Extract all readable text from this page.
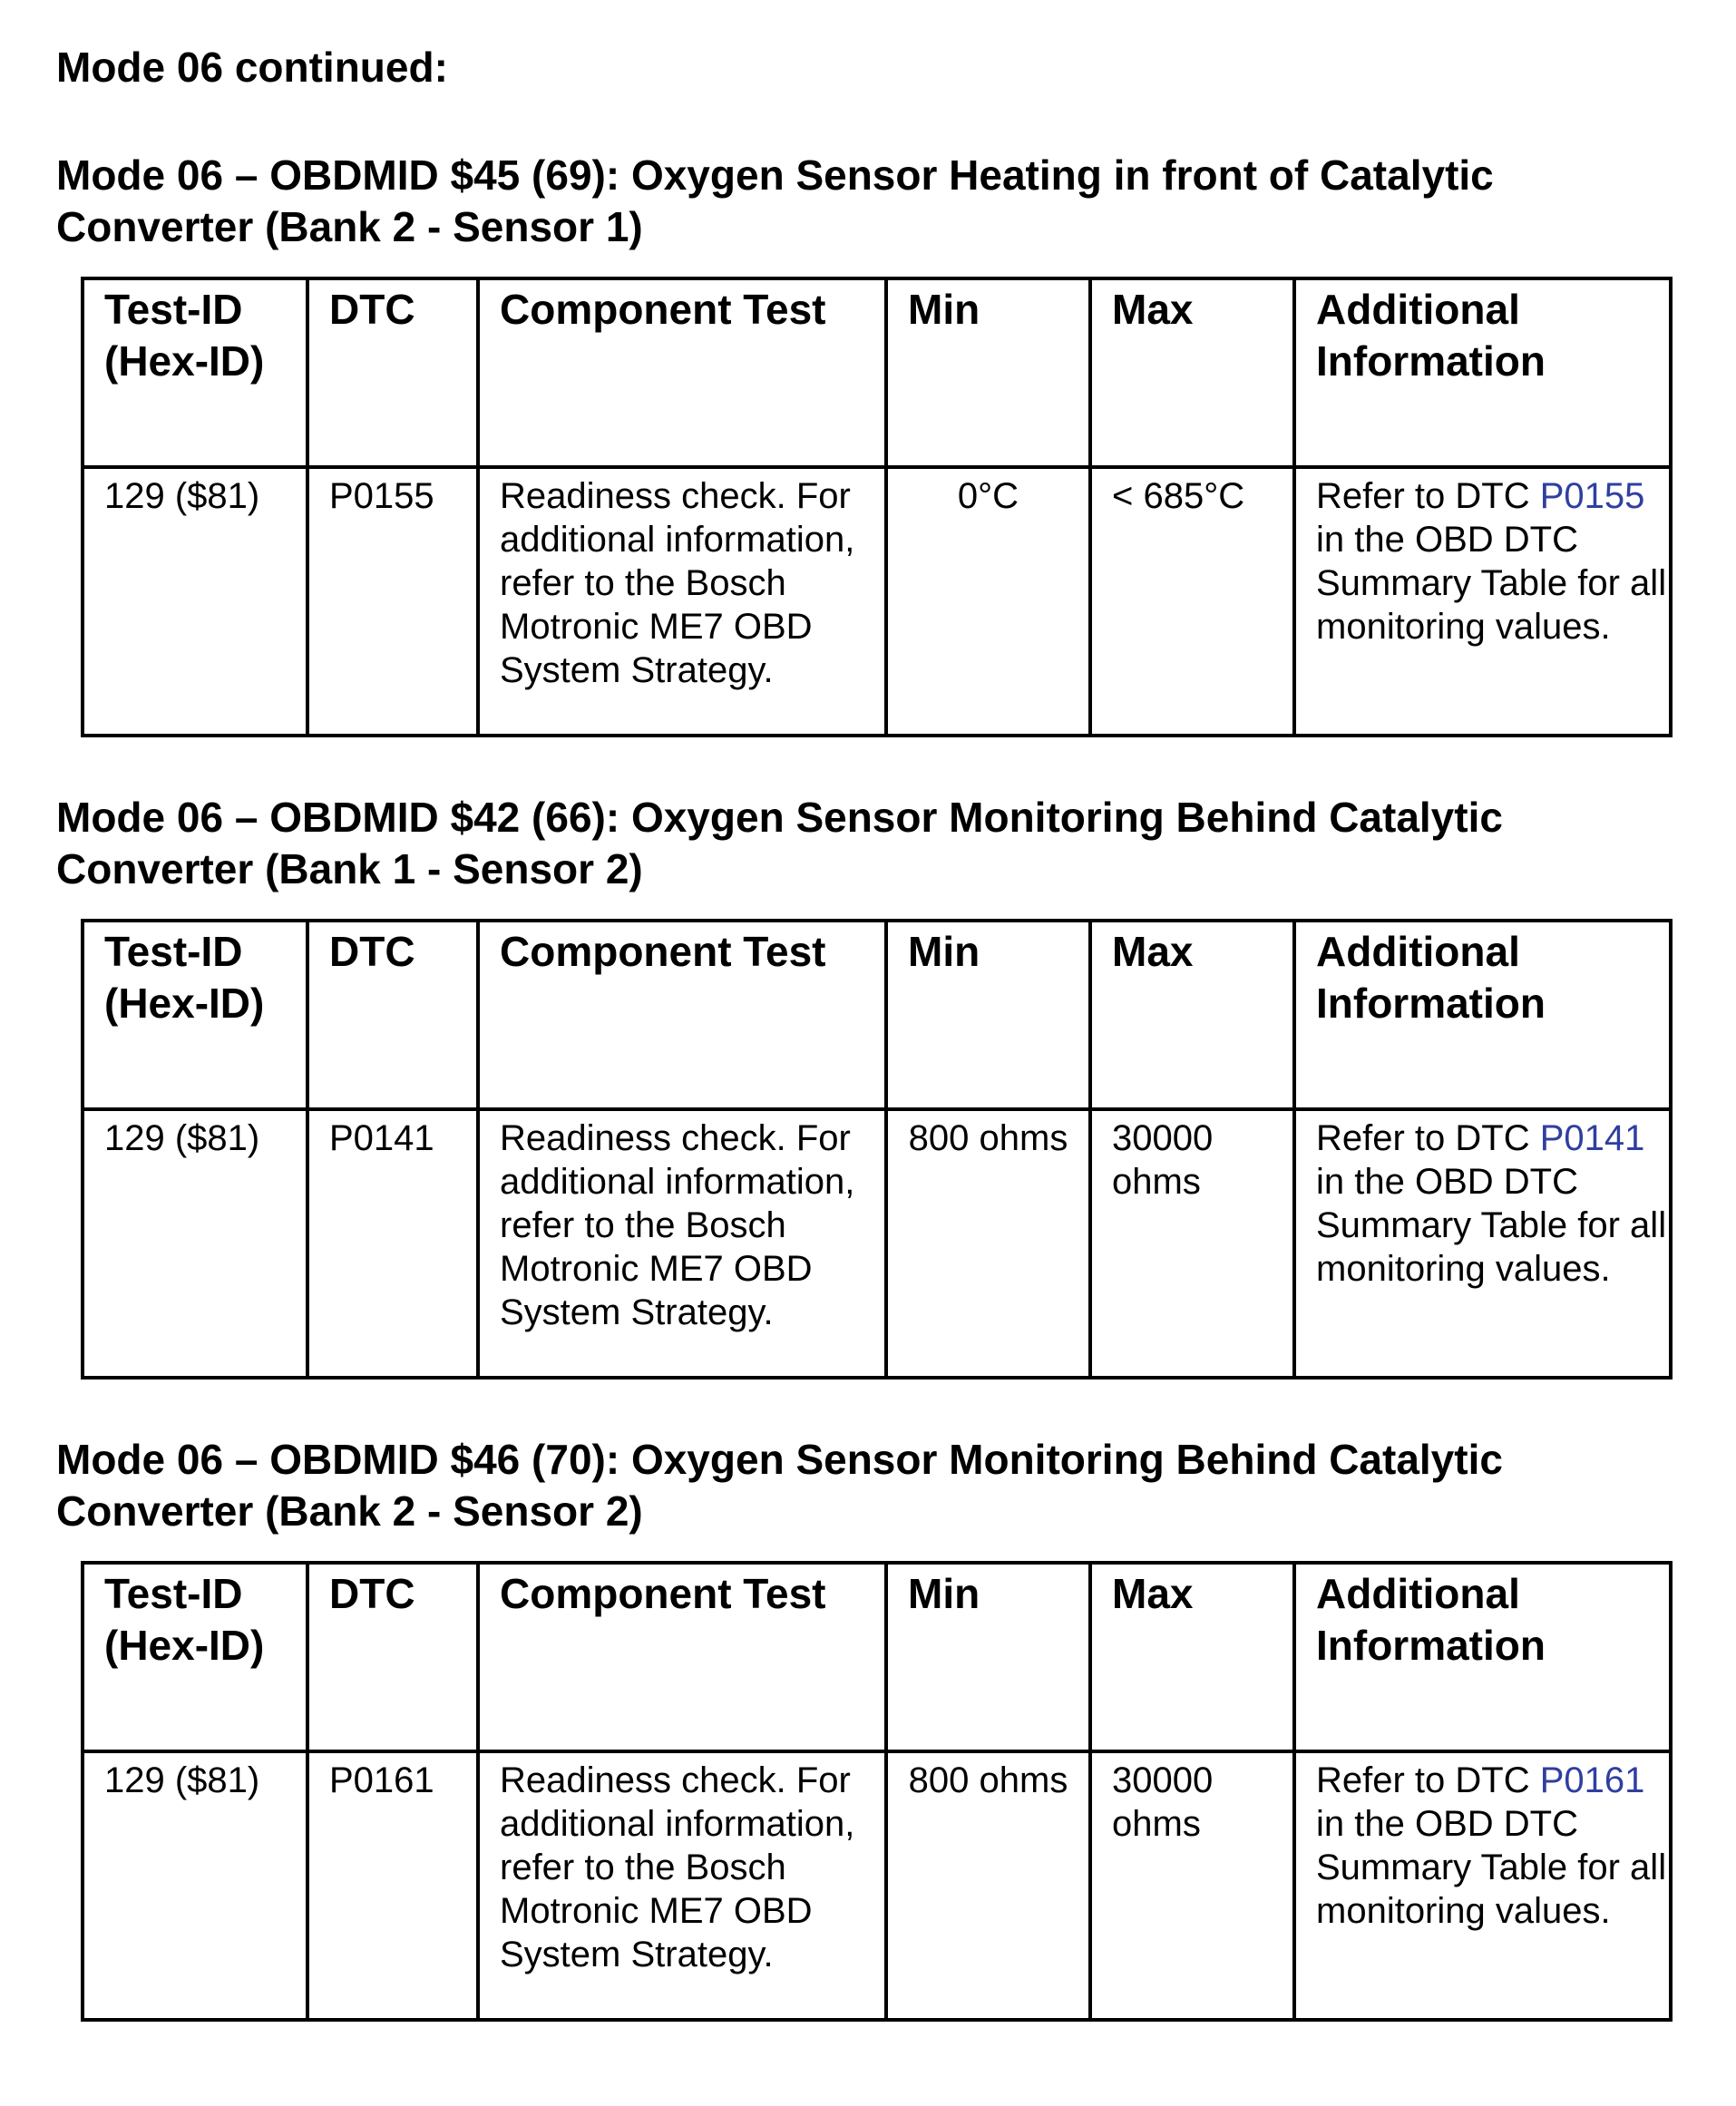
Mode 06 continued:
Mode 06 – OBDMID $45 (69): Oxygen Sensor Heating in front of Catalytic Converter (Bank 2 - Sensor 1)
Test-ID (Hex-ID)	DTC	Component Test	Min	Max	Additional Information
129 ($81)	P0155	Readiness check. For additional information, refer to the Bosch Motronic ME7 OBD System Strategy.	0°C	< 685°C	Refer to DTC P0155 in the OBD DTC Summary Table for all monitoring values.
Mode 06 – OBDMID $42 (66): Oxygen Sensor Monitoring Behind Catalytic Converter (Bank 1 - Sensor 2)
Test-ID (Hex-ID)	DTC	Component Test	Min	Max	Additional Information
129 ($81)	P0141	Readiness check. For additional information, refer to the Bosch Motronic ME7 OBD System Strategy.	800 ohms	30000 ohms	Refer to DTC P0141 in the OBD DTC Summary Table for all monitoring values.
Mode 06 – OBDMID $46 (70): Oxygen Sensor Monitoring Behind Catalytic Converter (Bank 2 - Sensor 2)
Test-ID (Hex-ID)	DTC	Component Test	Min	Max	Additional Information
129 ($81)	P0161	Readiness check. For additional information, refer to the Bosch Motronic ME7 OBD System Strategy.	800 ohms	30000 ohms	Refer to DTC P0161 in the OBD DTC Summary Table for all monitoring values.
